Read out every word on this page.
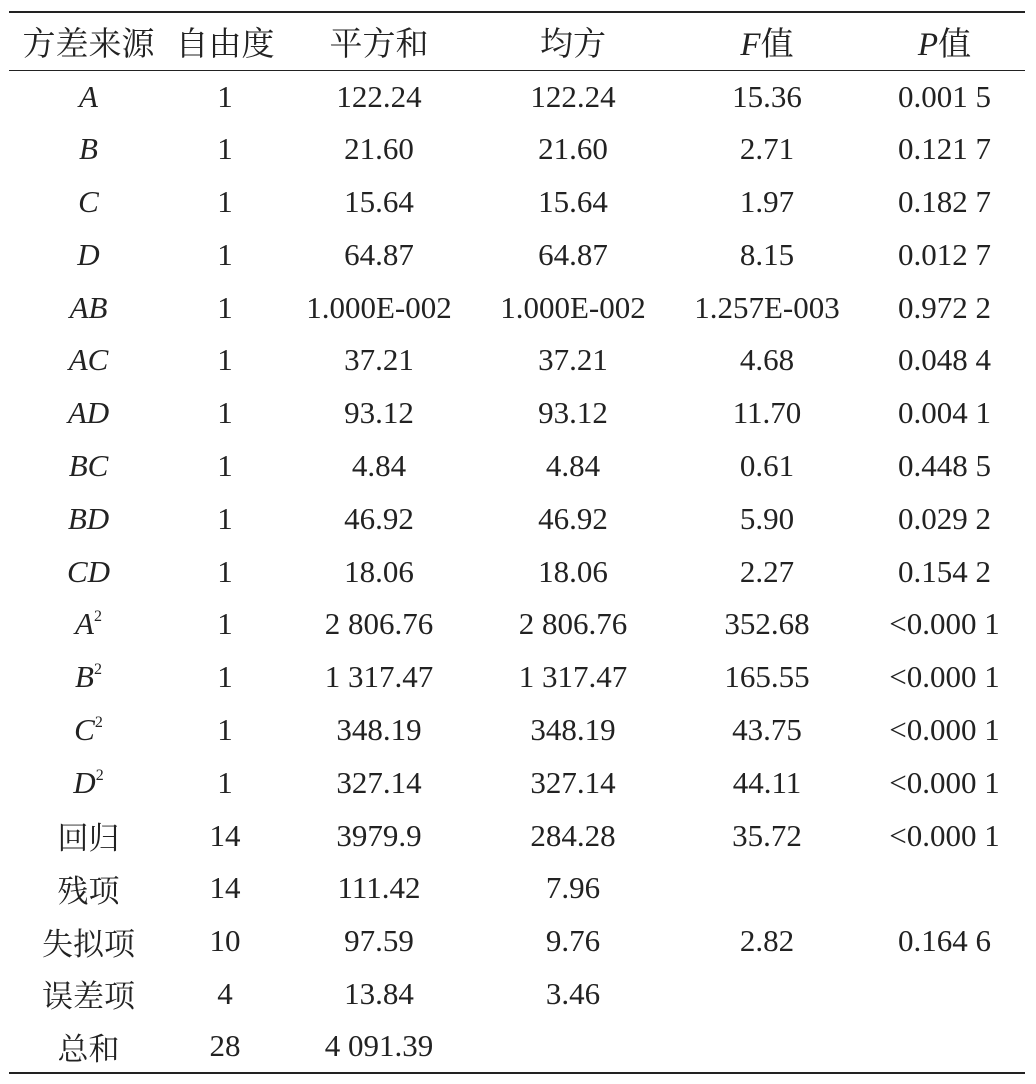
方差来源	自由度	平方和	均方	F值	P值
A	1	122.24	122.24	15.36	0.001 5
B	1	21.60	21.60	2.71	0.121 7
C	1	15.64	15.64	1.97	0.182 7
D	1	64.87	64.87	8.15	0.012 7
AB	1	1.000E-002	1.000E-002	1.257E-003	0.972 2
AC	1	37.21	37.21	4.68	0.048 4
AD	1	93.12	93.12	11.70	0.004 1
BC	1	4.84	4.84	0.61	0.448 5
BD	1	46.92	46.92	5.90	0.029 2
CD	1	18.06	18.06	2.27	0.154 2
$A^2$	1	2 806.76	2 806.76	352.68	<0.000 1
$B^2$	1	1 317.47	1 317.47	165.55	<0.000 1
$C^2$	1	348.19	348.19	43.75	<0.000 1
$D^2$	1	327.14	327.14	44.11	<0.000 1
回归	14	3979.9	284.28	35.72	<0.000 1
残项	14	111.42	7.96		
失拟项	10	97.59	9.76	2.82	0.164 6
误差项	4	13.84	3.46		
总和	28	4 091.39			
